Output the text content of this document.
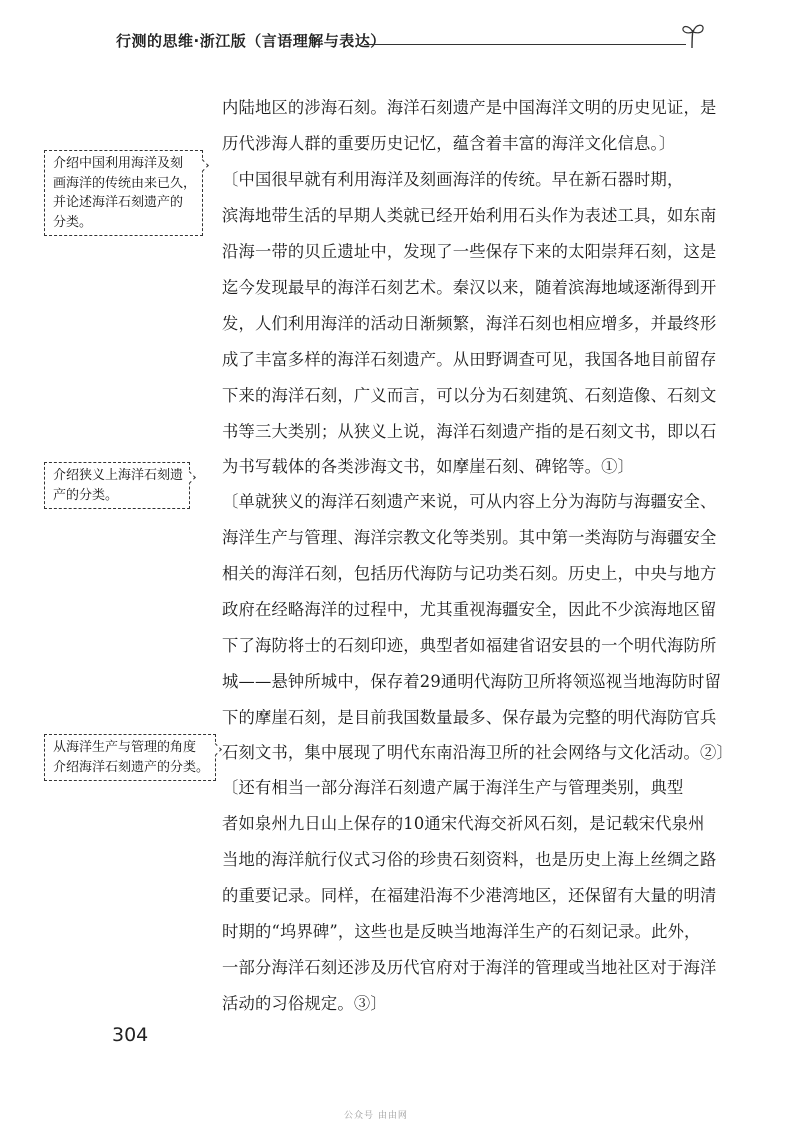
行测的思维·浙江版（言语理解与表达）
内陆地区的涉海石刻。海洋石刻遗产是中国海洋文明的历史见证，是
历代涉海人群的重要历史记忆，蕴含着丰富的海洋文化信息。〕
〔中国很早就有利用海洋及刻画海洋的传统。早在新石器时期，
滨海地带生活的早期人类就已经开始利用石头作为表述工具，如东南
沿海一带的贝丘遗址中，发现了一些保存下来的太阳崇拜石刻，这是
迄今发现最早的海洋石刻艺术。秦汉以来，随着滨海地域逐渐得到开
发，人们利用海洋的活动日渐频繁，海洋石刻也相应增多，并最终形
成了丰富多样的海洋石刻遗产。从田野调查可见，我国各地目前留存
下来的海洋石刻，广义而言，可以分为石刻建筑、石刻造像、石刻文
书等三大类别；从狭义上说，海洋石刻遗产指的是石刻文书，即以石
为书写载体的各类涉海文书，如摩崖石刻、碑铭等。①〕
〔单就狭义的海洋石刻遗产来说，可从内容上分为海防与海疆安全、
海洋生产与管理、海洋宗教文化等类别。其中第一类海防与海疆安全
相关的海洋石刻，包括历代海防与记功类石刻。历史上，中央与地方
政府在经略海洋的过程中，尤其重视海疆安全，因此不少滨海地区留
下了海防将士的石刻印迹，典型者如福建省诏安县的一个明代海防所
城——悬钟所城中，保存着29通明代海防卫所将领巡视当地海防时留
下的摩崖石刻，是目前我国数量最多、保存最为完整的明代海防官兵
石刻文书，集中展现了明代东南沿海卫所的社会网络与文化活动。②〕
〔还有相当一部分海洋石刻遗产属于海洋生产与管理类别，典型
者如泉州九日山上保存的10通宋代海交祈风石刻，是记载宋代泉州
当地的海洋航行仪式习俗的珍贵石刻资料，也是历史上海上丝绸之路
的重要记录。同样，在福建沿海不少港湾地区，还保留有大量的明清
时期的“坞界碑”，这些也是反映当地海洋生产的石刻记录。此外，
一部分海洋石刻还涉及历代官府对于海洋的管理或当地社区对于海洋
活动的习俗规定。③〕
介绍中国利用海洋及刻
画海洋的传统由来已久，
并论述海洋石刻遗产的
分类。
介绍狭义上海洋石刻遗
产的分类。
从海洋生产与管理的角度
介绍海洋石刻遗产的分类。
304
公众号 由由网
